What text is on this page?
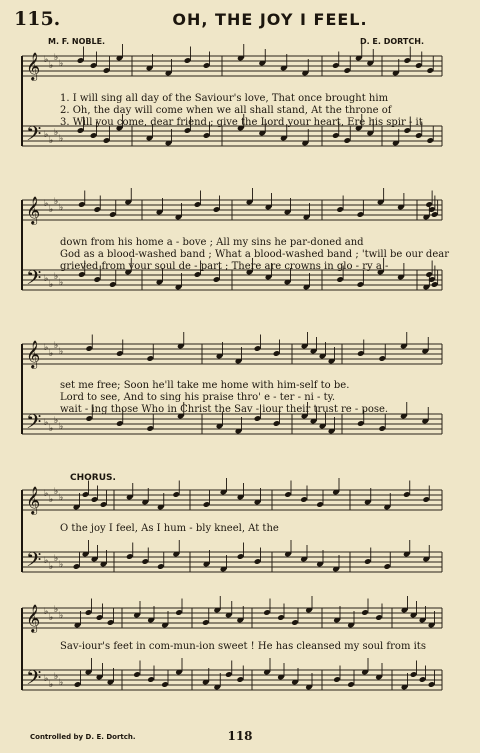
115.	OH, THE JOY I FEEL.
M. F. NOBLE.	D. E. DORTCH.
𝄞 ♭
♭
♭
♭
𝄢 ♭
♭
♭
♭
1. I will sing all day of the Saviour's love, That once brought him
2. Oh, the day will come when we all shall stand, At the throne of
3. Will you come, dear friend ; give the Lord your heart, Ere his spir - it
𝄞 ♭
♭
♭
♭
𝄢 ♭
♭
♭
♭
down from his home a - bove ; All my sins he par-doned and
God as a blood-washed band ; What a blood-washed band ; 'twill be our dear
grieved from your soul de - part ; There are crowns in glo - ry a -
𝄞 ♭
♭
♭
♭
𝄢 ♭
♭
♭
♭
set me free; Soon he'll take me home with him-self to be.
Lord to see, And to sing his praise thro' e - ter - ni - ty.
wait - ing those Who in Christ the Sav - iour their trust re - pose.
CHORUS.
𝄞 ♭
♭
♭
♭
𝄢 ♭
♭
♭
♭
O the joy I feel, As I hum - bly kneel, At the
𝄞 ♭
♭
♭
♭
𝄢 ♭
♭
♭
♭
Sav-iour's feet in com-mun-ion sweet ! He has cleansed my soul from its
Controlled by D. E. Dortch.	118
